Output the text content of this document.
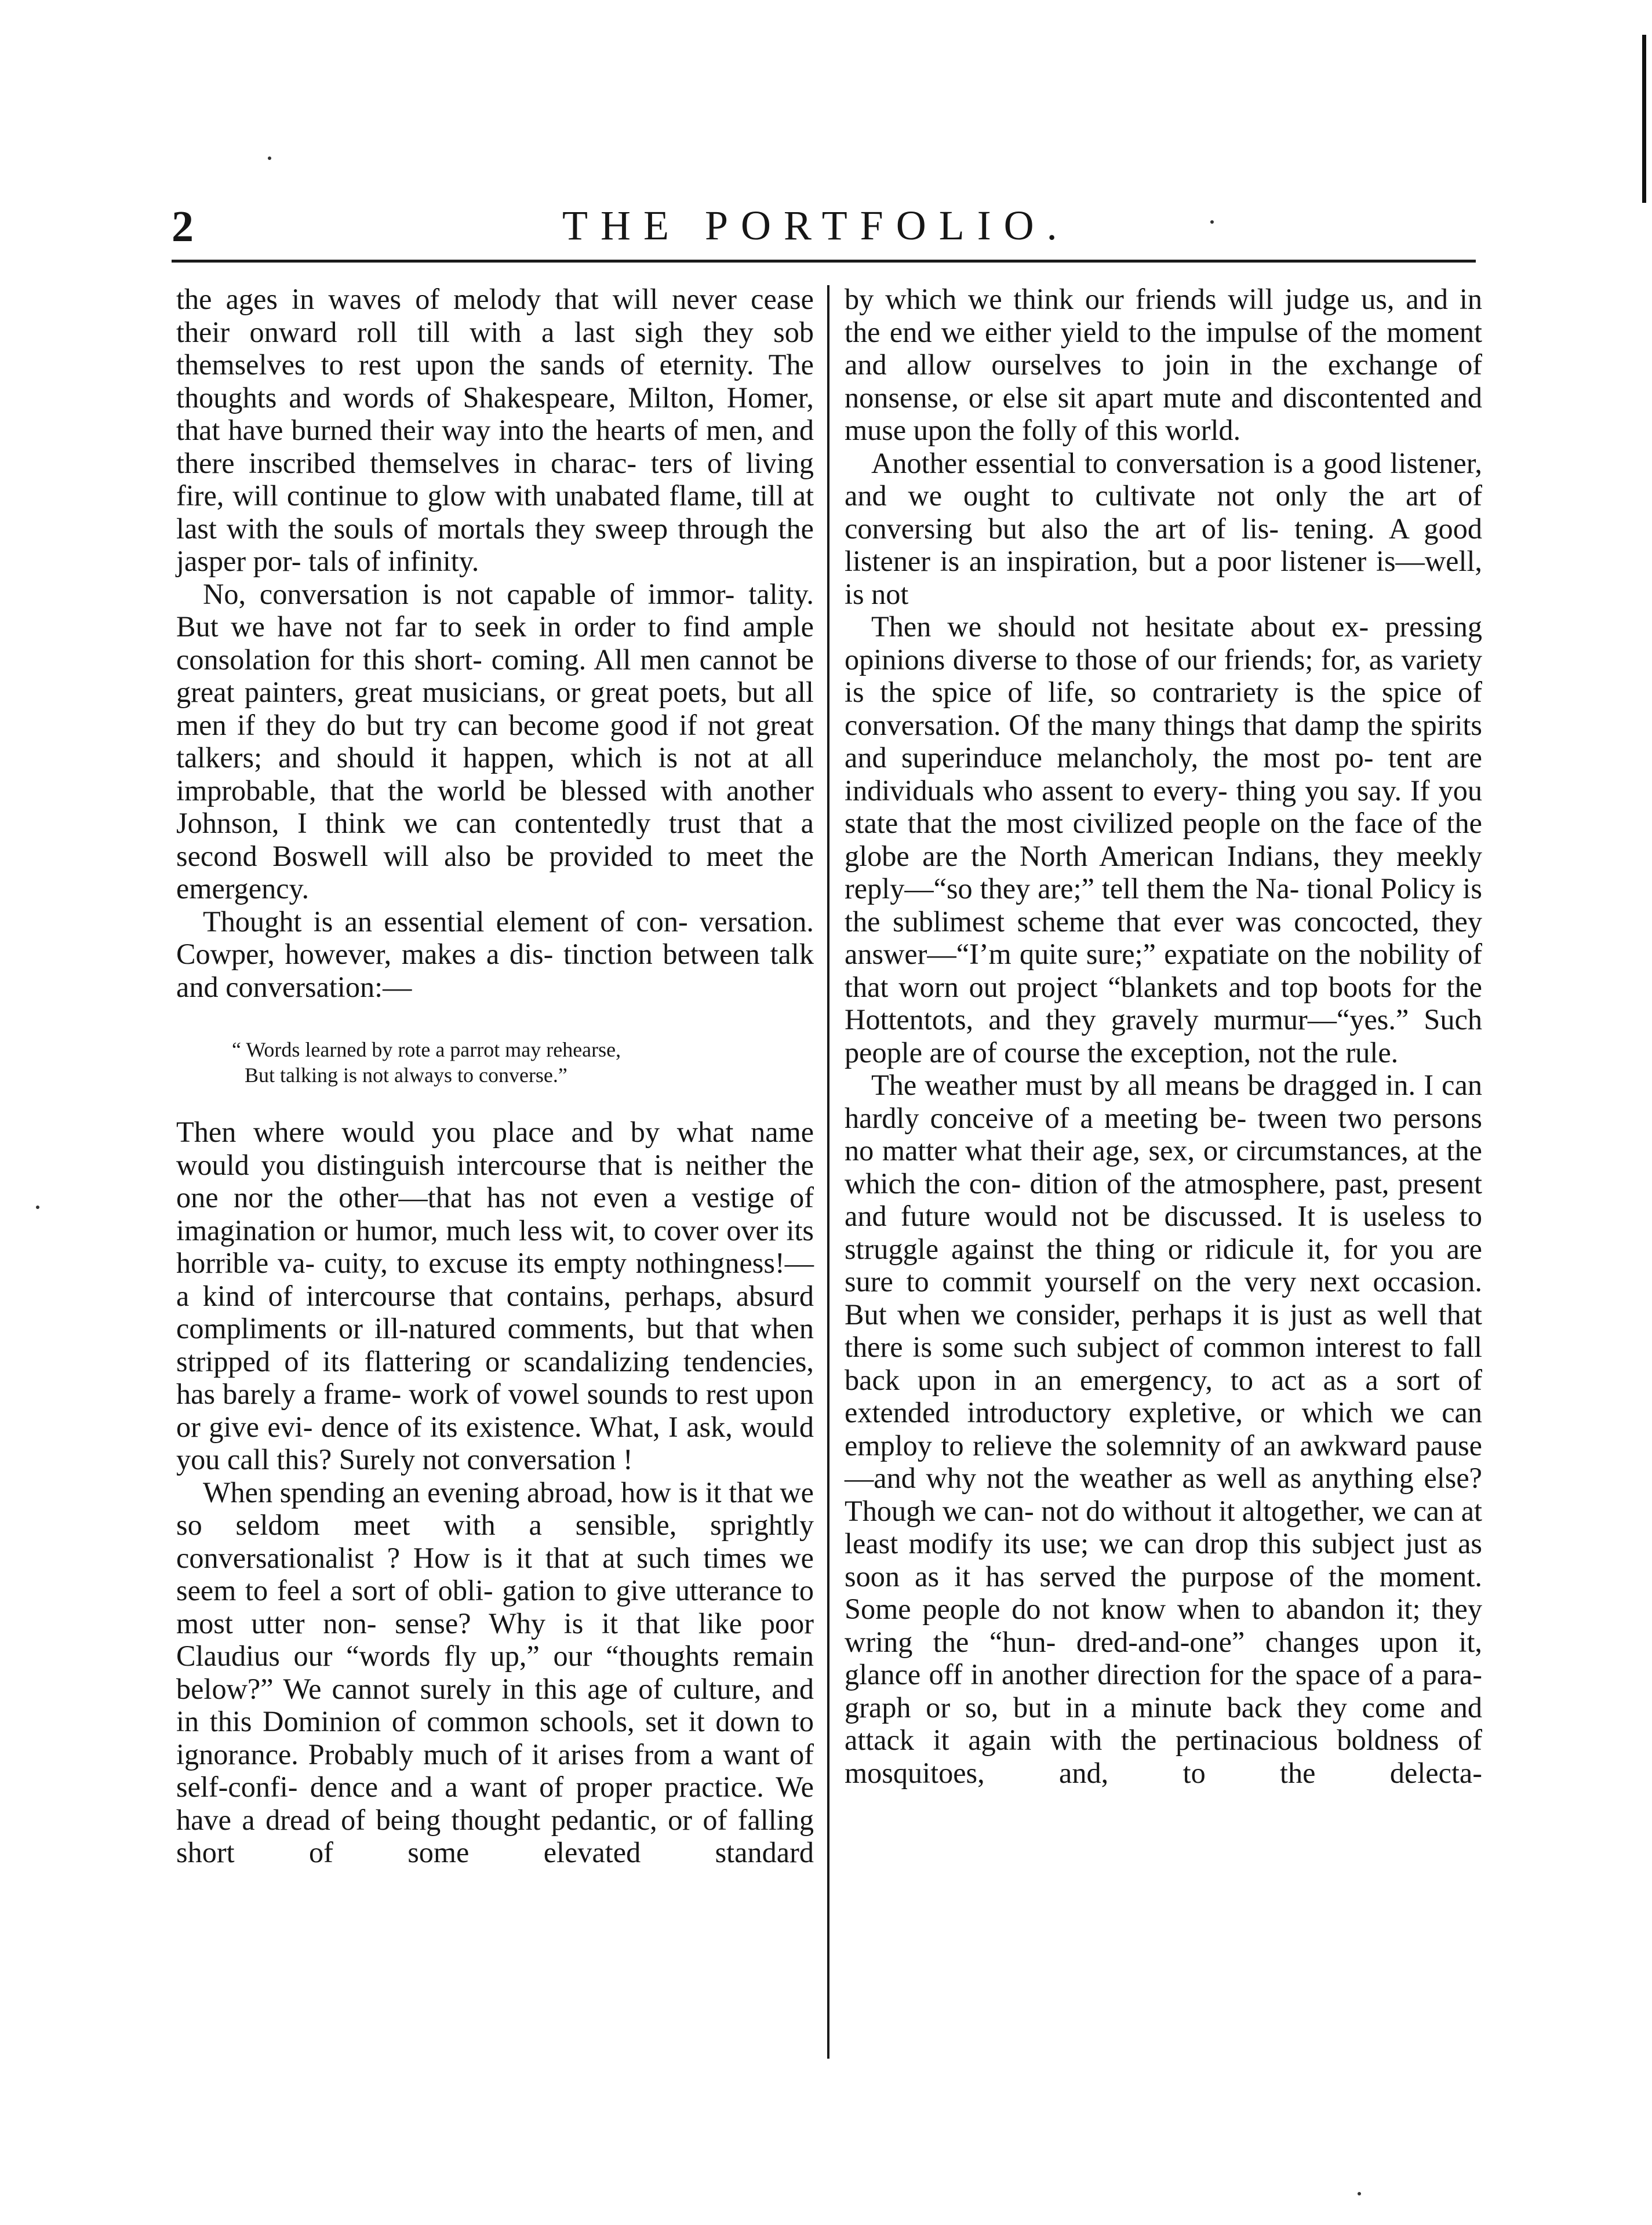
2	THE PORTFOLIO.

the ages in waves of melody that will never cease their onward roll till with a last sigh they sob themselves to rest upon the sands of eternity. The thoughts and words of Shakespeare, Milton, Homer, that have burned their way into the hearts of men, and there inscribed themselves in charac- ters of living fire, will continue to glow with unabated flame, till at last with the souls of mortals they sweep through the jasper por- tals of infinity.

No, conversation is not capable of immor- tality. But we have not far to seek in order to find ample consolation for this short- coming. All men cannot be great painters, great musicians, or great poets, but all men if they do but try can become good if not great talkers; and should it happen, which is not at all improbable, that the world be blessed with another Johnson, I think we can contentedly trust that a second Boswell will also be provided to meet the emergency.

Thought is an essential element of con- versation. Cowper, however, makes a dis- tinction between talk and conversation:—

“ Words learned by rote a parrot may rehearse,
But talking is not always to converse.”

Then where would you place and by what name would you distinguish intercourse that is neither the one nor the other—that has not even a vestige of imagination or humor, much less wit, to cover over its horrible va- cuity, to excuse its empty nothingness!—a kind of intercourse that contains, perhaps, absurd compliments or ill-natured comments, but that when stripped of its flattering or scandalizing tendencies, has barely a frame- work of vowel sounds to rest upon or give evi- dence of its existence. What, I ask, would you call this? Surely not conversation !

When spending an evening abroad, how is it that we so seldom meet with a sensible, sprightly conversationalist ? How is it that at such times we seem to feel a sort of obli- gation to give utterance to most utter non- sense? Why is it that like poor Claudius our “words fly up,” our “thoughts remain below?” We cannot surely in this age of culture, and in this Dominion of common schools, set it down to ignorance. Probably much of it arises from a want of self-confi- dence and a want of proper practice. We have a dread of being thought pedantic, or of falling short of some elevated standard

by which we think our friends will judge us, and in the end we either yield to the impulse of the moment and allow ourselves to join in the exchange of nonsense, or else sit apart mute and discontented and muse upon the folly of this world.

Another essential to conversation is a good listener, and we ought to cultivate not only the art of conversing but also the art of lis- tening. A good listener is an inspiration, but a poor listener is—well, is not

Then we should not hesitate about ex- pressing opinions diverse to those of our friends; for, as variety is the spice of life, so contrariety is the spice of conversation. Of the many things that damp the spirits and superinduce melancholy, the most po- tent are individuals who assent to every- thing you say. If you state that the most civilized people on the face of the globe are the North American Indians, they meekly reply—“so they are;” tell them the Na- tional Policy is the sublimest scheme that ever was concocted, they answer—“I’m quite sure;” expatiate on the nobility of that worn out project “blankets and top boots for the Hottentots, and they gravely murmur—“yes.” Such people are of course the exception, not the rule.

The weather must by all means be dragged in. I can hardly conceive of a meeting be- tween two persons no matter what their age, sex, or circumstances, at the which the con- dition of the atmosphere, past, present and future would not be discussed. It is useless to struggle against the thing or ridicule it, for you are sure to commit yourself on the very next occasion. But when we consider, perhaps it is just as well that there is some such subject of common interest to fall back upon in an emergency, to act as a sort of extended introductory expletive, or which we can employ to relieve the solemnity of an awkward pause—and why not the weather as well as anything else? Though we can- not do without it altogether, we can at least modify its use; we can drop this subject just as soon as it has served the purpose of the moment. Some people do not know when to abandon it; they wring the “hun- dred-and-one” changes upon it, glance off in another direction for the space of a para- graph or so, but in a minute back they come and attack it again with the pertinacious boldness of mosquitoes, and, to the delecta-
